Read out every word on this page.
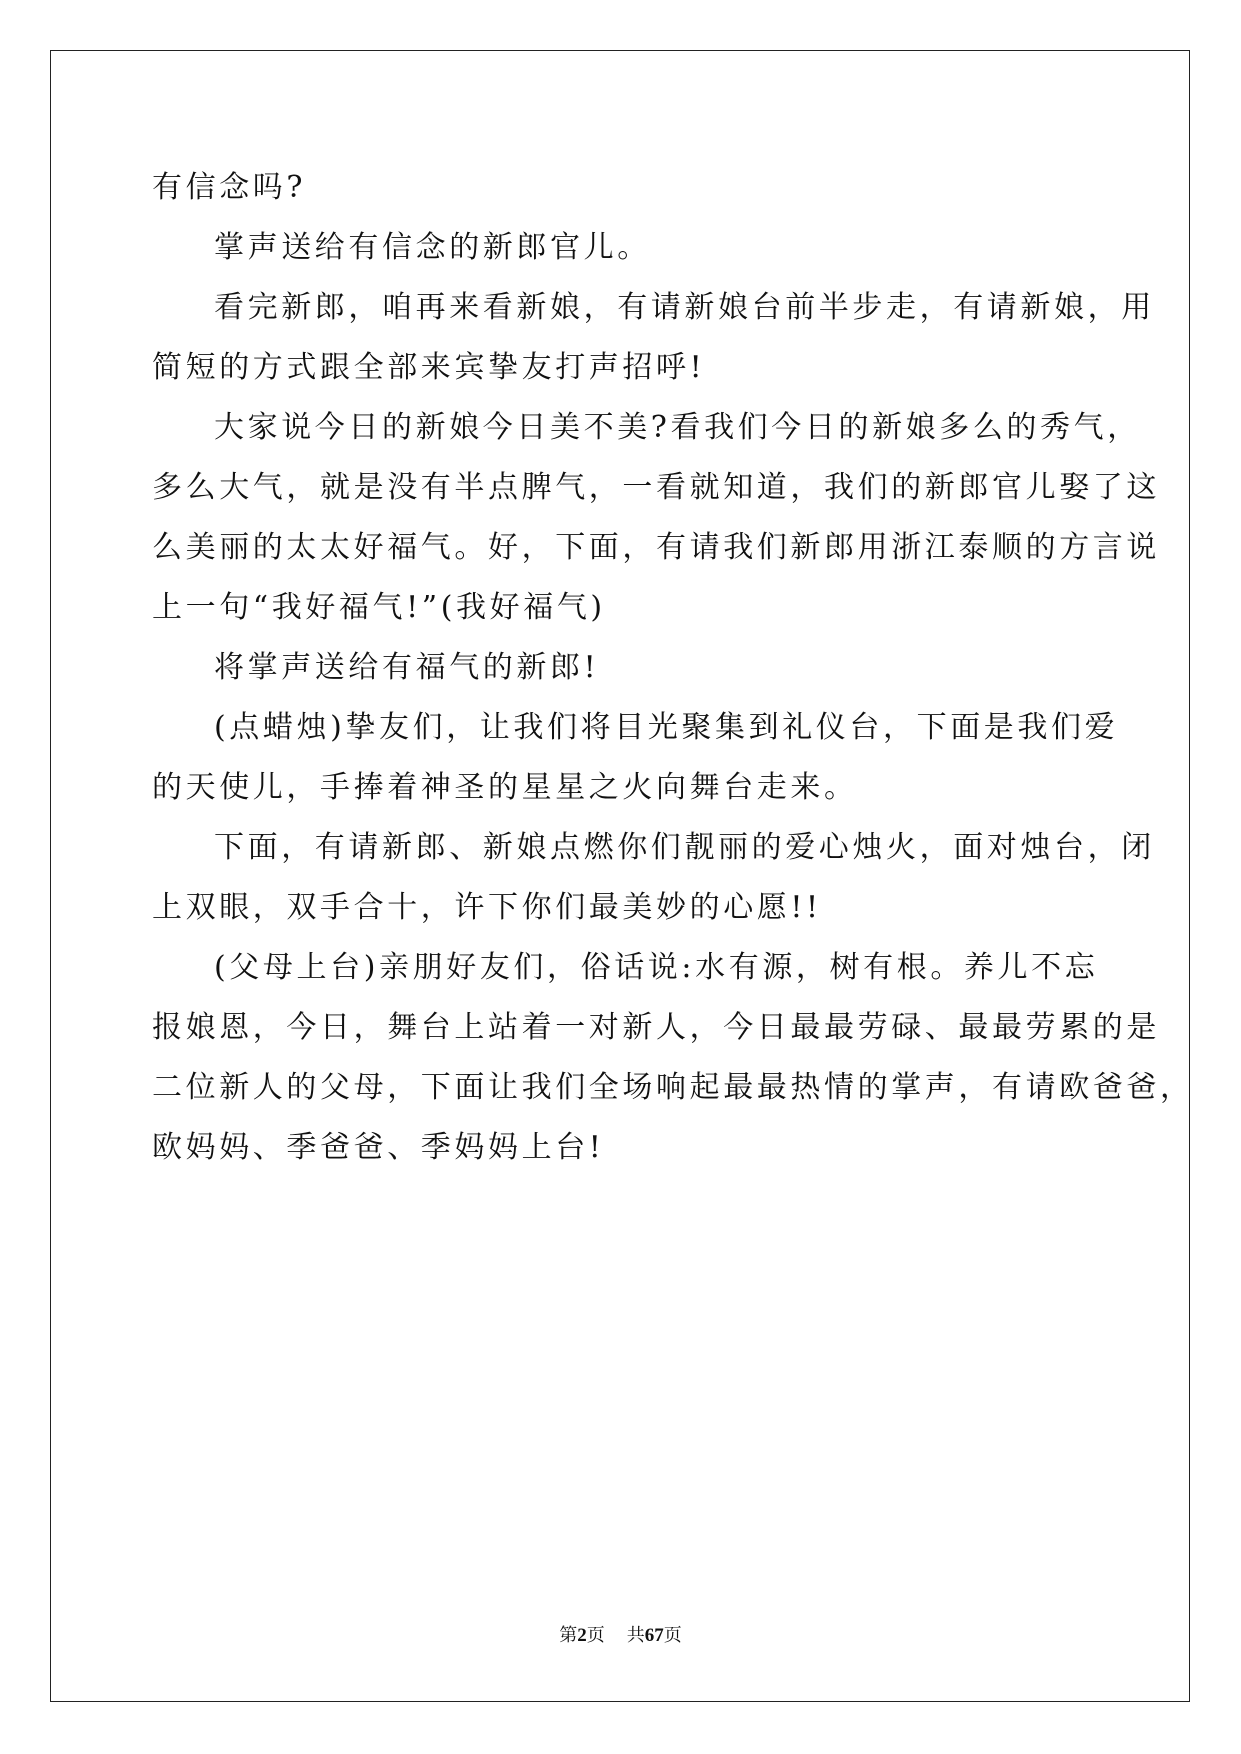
有信念吗?

掌声送给有信念的新郎官儿。

看完新郎，咱再来看新娘，有请新娘台前半步走，有请新娘，用

简短的方式跟全部来宾挚友打声招呼!

大家说今日的新娘今日美不美?看我们今日的新娘多么的秀气，

多么大气，就是没有半点脾气，一看就知道，我们的新郎官儿娶了这

么美丽的太太好福气。好，下面，有请我们新郎用浙江泰顺的方言说

上一句“我好福气!”(我好福气)

将掌声送给有福气的新郎!

(点蜡烛)挚友们，让我们将目光聚集到礼仪台，下面是我们爱

的天使儿，手捧着神圣的星星之火向舞台走来。

下面，有请新郎、新娘点燃你们靓丽的爱心烛火，面对烛台，闭

上双眼，双手合十，许下你们最美妙的心愿!!

(父母上台)亲朋好友们，俗话说:水有源，树有根。养儿不忘

报娘恩，今日，舞台上站着一对新人，今日最最劳碌、最最劳累的是

二位新人的父母，下面让我们全场响起最最热情的掌声，有请欧爸爸，

欧妈妈、季爸爸、季妈妈上台!

第2页 共67页
